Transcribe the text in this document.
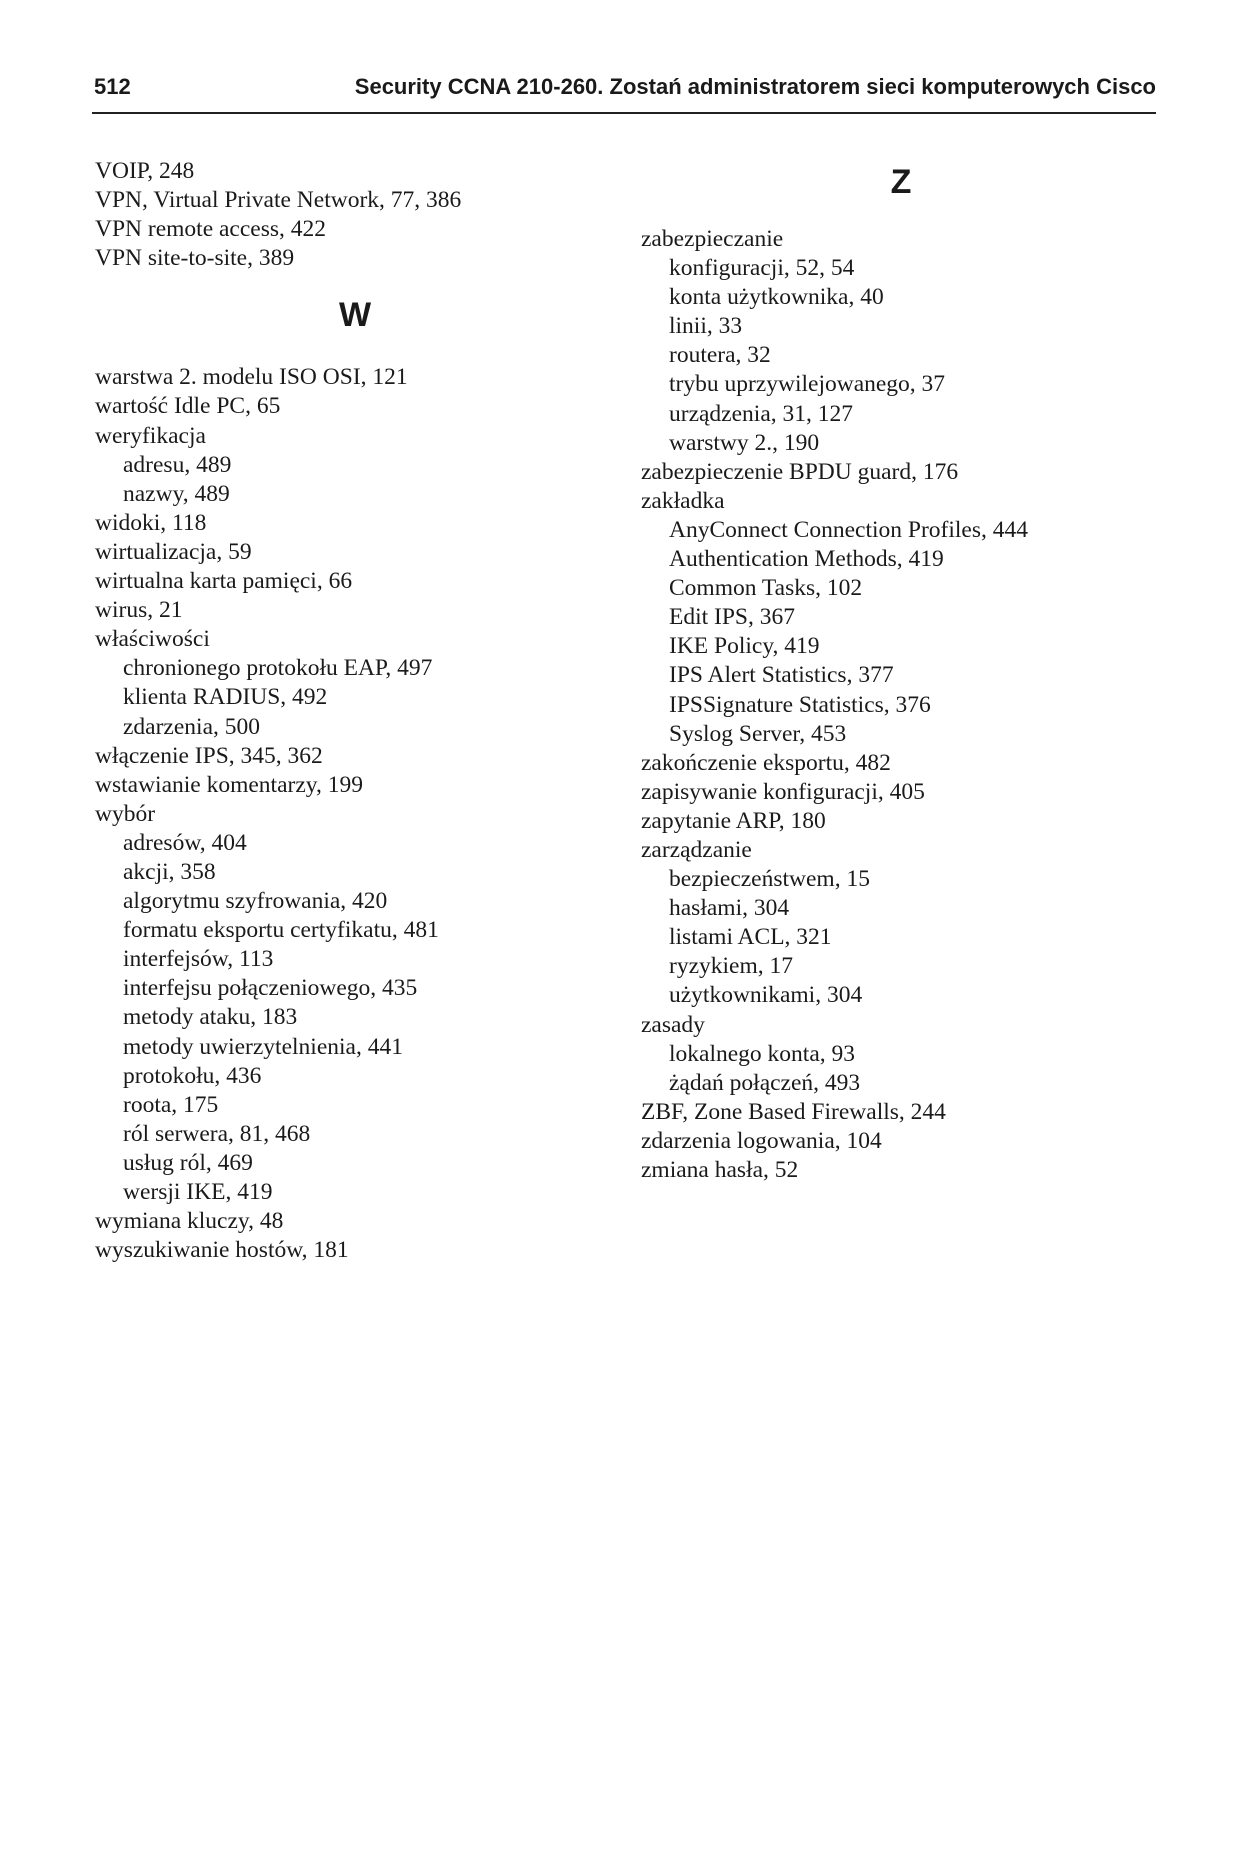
512	Security CCNA 210-260. Zostań administratorem sieci komputerowych Cisco
VOIP, 248
VPN, Virtual Private Network, 77, 386
VPN remote access, 422
VPN site-to-site, 389
W
warstwa 2. modelu ISO OSI, 121
wartość Idle PC, 65
weryfikacja
adresu, 489
nazwy, 489
widoki, 118
wirtualizacja, 59
wirtualna karta pamięci, 66
wirus, 21
właściwości
chronionego protokołu EAP, 497
klienta RADIUS, 492
zdarzenia, 500
włączenie IPS, 345, 362
wstawianie komentarzy, 199
wybór
adresów, 404
akcji, 358
algorytmu szyfrowania, 420
formatu eksportu certyfikatu, 481
interfejsów, 113
interfejsu połączeniowego, 435
metody ataku, 183
metody uwierzytelnienia, 441
protokołu, 436
roota, 175
ról serwera, 81, 468
usług ról, 469
wersji IKE, 419
wymiana kluczy, 48
wyszukiwanie hostów, 181
Z
zabezpieczanie
konfiguracji, 52, 54
konta użytkownika, 40
linii, 33
routera, 32
trybu uprzywilejowanego, 37
urządzenia, 31, 127
warstwy 2., 190
zabezpieczenie BPDU guard, 176
zakładka
AnyConnect Connection Profiles, 444
Authentication Methods, 419
Common Tasks, 102
Edit IPS, 367
IKE Policy, 419
IPS Alert Statistics, 377
IPSSignature Statistics, 376
Syslog Server, 453
zakończenie eksportu, 482
zapisywanie konfiguracji, 405
zapytanie ARP, 180
zarządzanie
bezpieczeństwem, 15
hasłami, 304
listami ACL, 321
ryzykiem, 17
użytkownikami, 304
zasady
lokalnego konta, 93
żądań połączeń, 493
ZBF, Zone Based Firewalls, 244
zdarzenia logowania, 104
zmiana hasła, 52
